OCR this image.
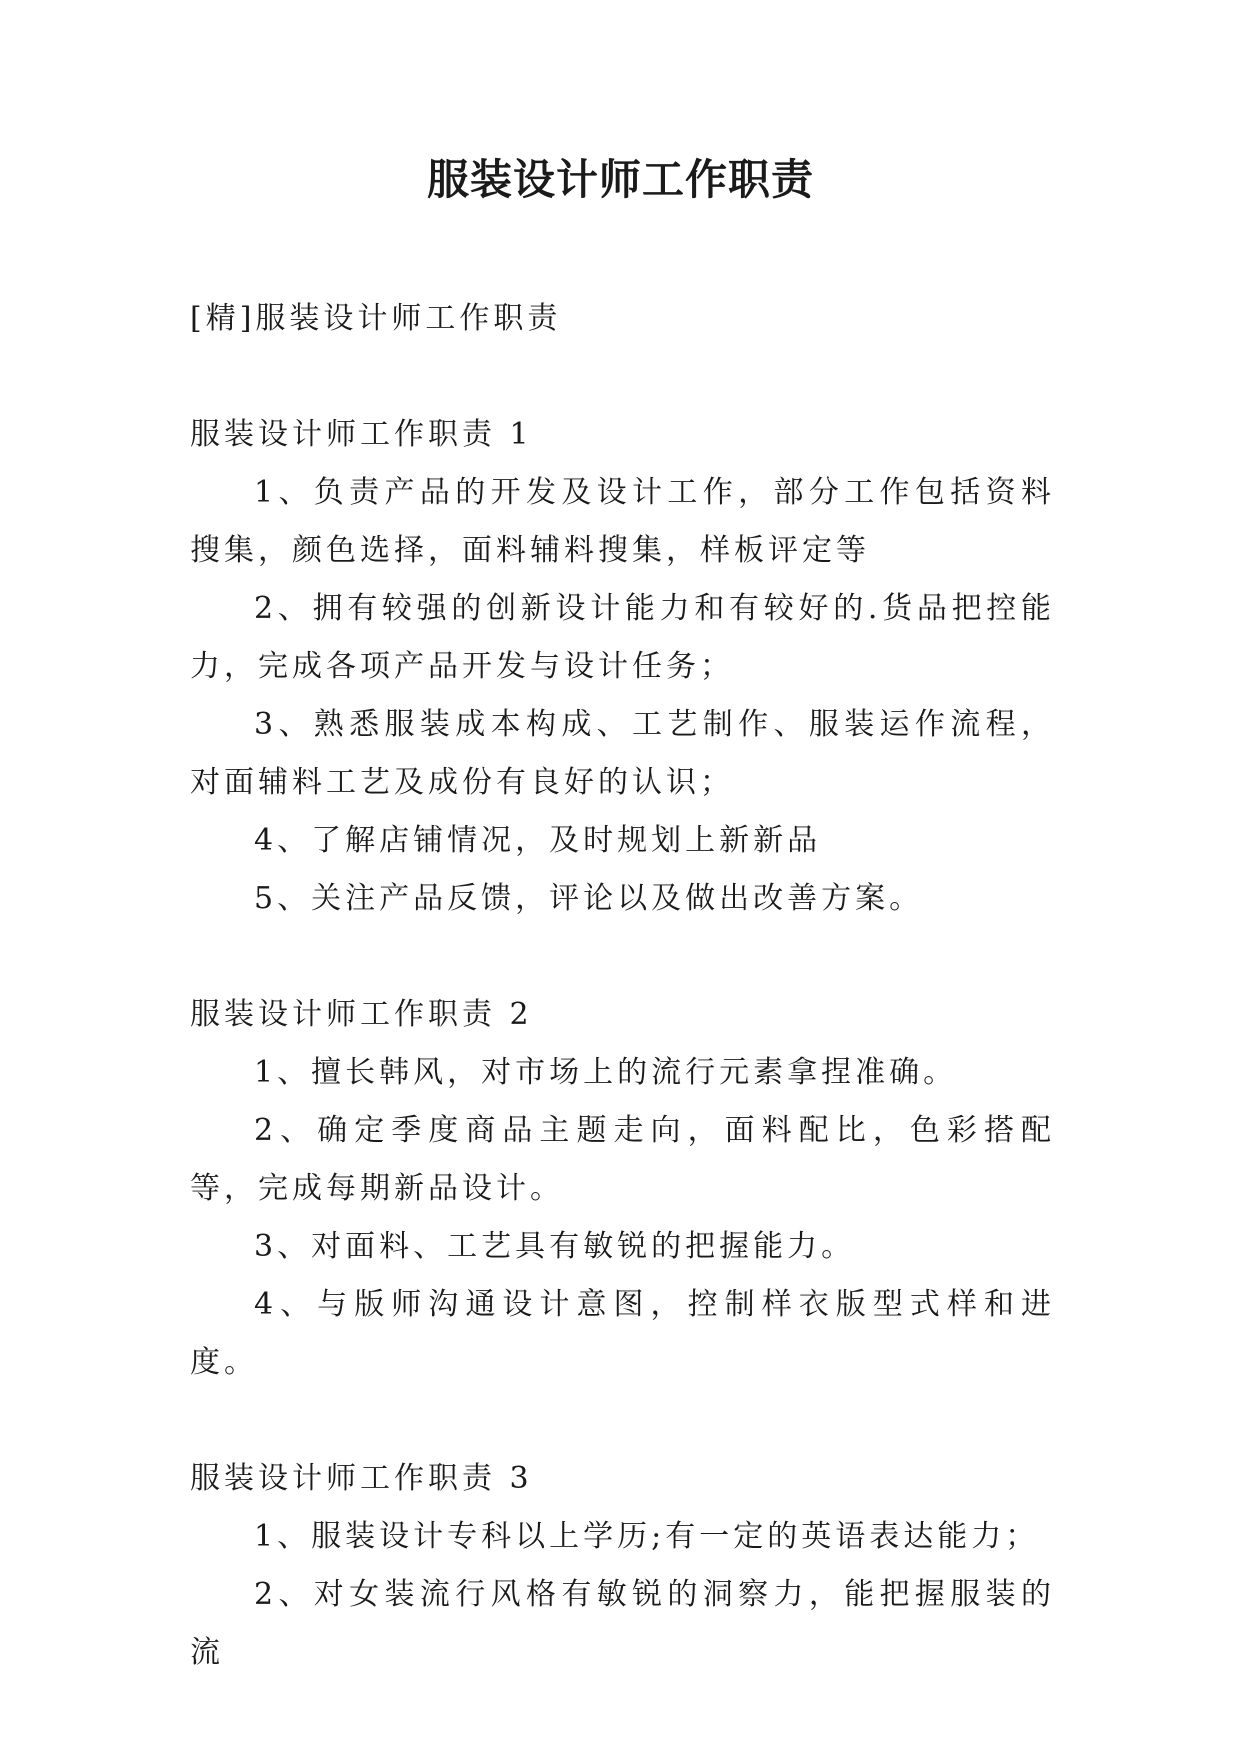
服装设计师工作职责

[精]服装设计师工作职责

服装设计师工作职责 1

1、负责产品的开发及设计工作，部分工作包括资料搜集，颜色选择，面料辅料搜集，样板评定等

2、拥有较强的创新设计能力和有较好的.货品把控能力，完成各项产品开发与设计任务；

3、熟悉服装成本构成、工艺制作、服装运作流程，对面辅料工艺及成份有良好的认识；

4、了解店铺情况，及时规划上新新品

5、关注产品反馈，评论以及做出改善方案。

服装设计师工作职责 2

1、擅长韩风，对市场上的流行元素拿捏准确。

2、确定季度商品主题走向，面料配比，色彩搭配等，完成每期新品设计。

3、对面料、工艺具有敏锐的把握能力。

4、与版师沟通设计意图，控制样衣版型式样和进度。

服装设计师工作职责 3

1、服装设计专科以上学历;有一定的英语表达能力；

2、对女装流行风格有敏锐的洞察力，能把握服装的流
